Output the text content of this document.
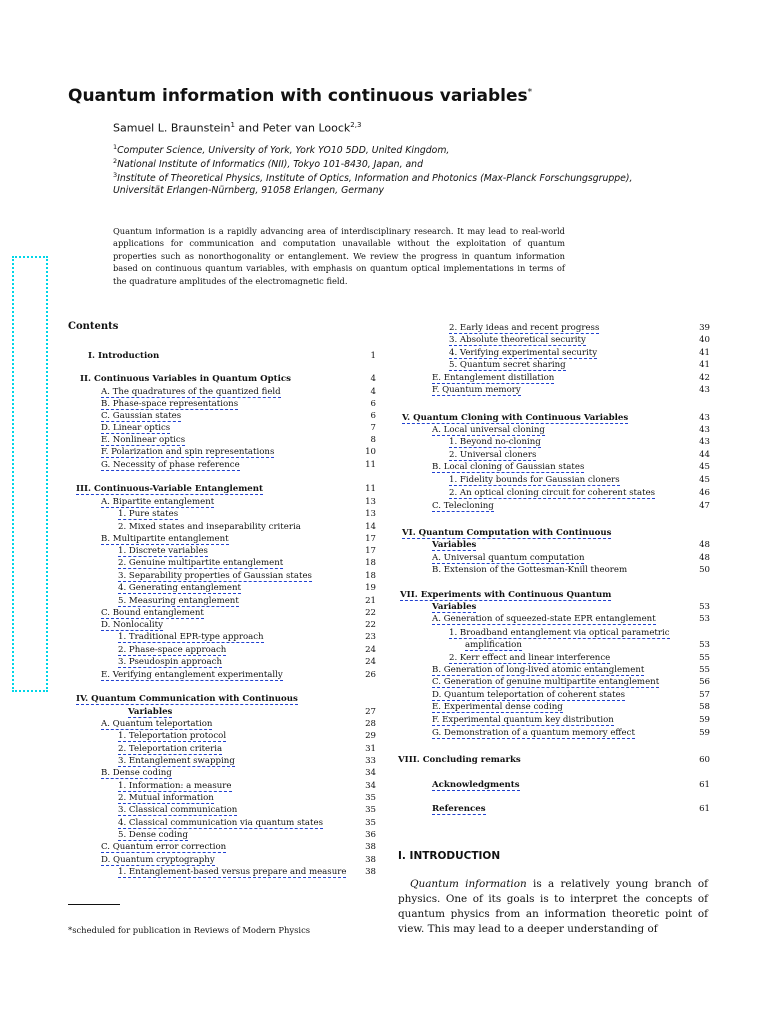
Quantum information with continuous variables*
Samuel L. Braunstein$^1$ and Peter van Loock$^{2,3}$
$^1$Computer Science, University of York, York YO10 5DD, United Kingdom,
$^2$National Institute of Informatics (NII), Tokyo 101-8430, Japan, and
$^3$Institute of Theoretical Physics, Institute of Optics, Information and Photonics (Max-Planck Forschungsgruppe),
Universität Erlangen-Nürnberg, 91058 Erlangen, Germany
Quantum information is a rapidly advancing area of interdisciplinary research. It may lead to real-world applications for communication and computation unavailable without the exploitation of quantum properties such as nonorthogonality or entanglement. We review the progress in quantum information based on continuous quantum variables, with emphasis on quantum optical implementations in terms of the quadrature amplitudes of the electromagnetic field.
Contents
I. Introduction	1
II. Continuous Variables in Quantum Optics	4
A. The quadratures of the quantized field	4
B. Phase-space representations	6
C. Gaussian states	6
D. Linear optics	7
E. Nonlinear optics	8
F. Polarization and spin representations	10
G. Necessity of phase reference	11
III. Continuous-Variable Entanglement	11
A. Bipartite entanglement	13
1. Pure states	13
2. Mixed states and inseparability criteria	14
B. Multipartite entanglement	17
1. Discrete variables	17
2. Genuine multipartite entanglement	18
3. Separability properties of Gaussian states	18
4. Generating entanglement	19
5. Measuring entanglement	21
C. Bound entanglement	22
D. Nonlocality	22
1. Traditional EPR-type approach	23
2. Phase-space approach	24
3. Pseudospin approach	24
E. Verifying entanglement experimentally	26
IV. Quantum Communication with Continuous
Variables	27
A. Quantum teleportation	28
1. Teleportation protocol	29
2. Teleportation criteria	31
3. Entanglement swapping	33
B. Dense coding	34
1. Information: a measure	34
2. Mutual information	35
3. Classical communication	35
4. Classical communication via quantum states	35
5. Dense coding	36
C. Quantum error correction	38
D. Quantum cryptography	38
1. Entanglement-based versus prepare and measure	38
2. Early ideas and recent progress	39
3. Absolute theoretical security	40
4. Verifying experimental security	41
5. Quantum secret sharing	41
E. Entanglement distillation	42
F. Quantum memory	43
V. Quantum Cloning with Continuous Variables	43
A. Local universal cloning	43
1. Beyond no-cloning	43
2. Universal cloners	44
B. Local cloning of Gaussian states	45
1. Fidelity bounds for Gaussian cloners	45
2. An optical cloning circuit for coherent states	46
C. Telecloning	47
VI. Quantum Computation with Continuous
Variables	48
A. Universal quantum computation	48
B. Extension of the Gottesman-Knill theorem	50
VII. Experiments with Continuous Quantum
Variables	53
A. Generation of squeezed-state EPR entanglement	53
1. Broadband entanglement via optical parametric
amplification	53
2. Kerr effect and linear interference	55
B. Generation of long-lived atomic entanglement	55
C. Generation of genuine multipartite entanglement	56
D. Quantum teleportation of coherent states	57
E. Experimental dense coding	58
F. Experimental quantum key distribution	59
G. Demonstration of a quantum memory effect	59
VIII. Concluding remarks	60
Acknowledgments	61
References	61
I. INTRODUCTION
Quantum information is a relatively young branch of physics. One of its goals is to interpret the concepts of quantum physics from an information theoretic point of view. This may lead to a deeper understanding of
*scheduled for publication in Reviews of Modern Physics
